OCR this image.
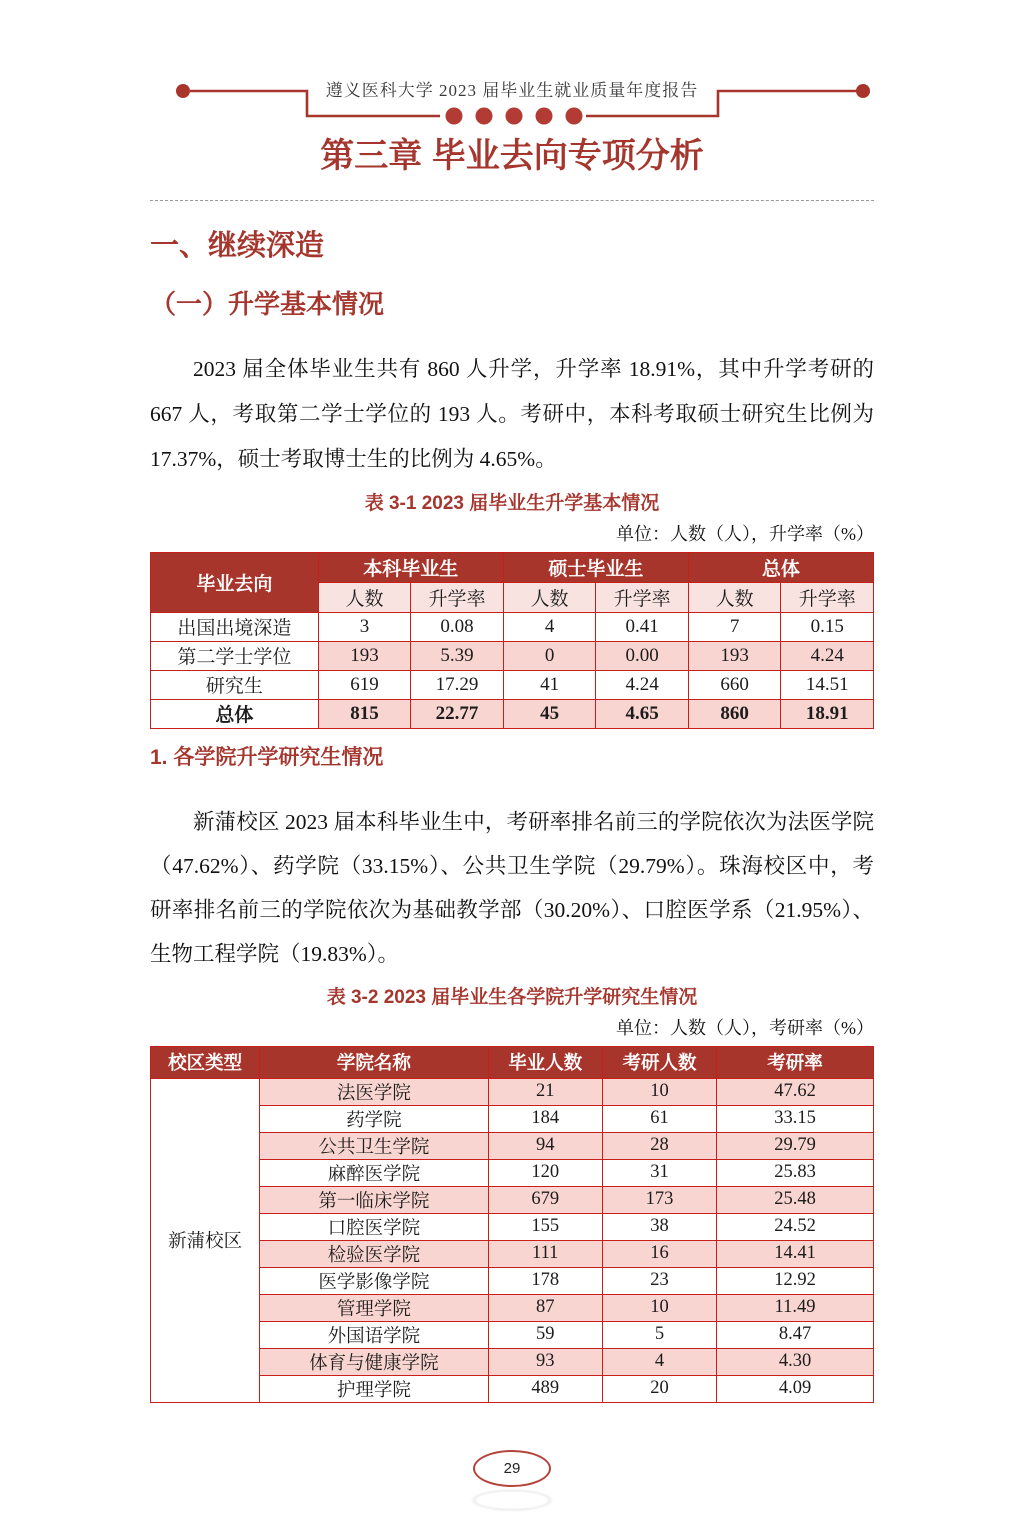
遵义医科大学 2023 届毕业生就业质量年度报告
第三章 毕业去向专项分析
一、继续深造
（一）升学基本情况

2023 届全体毕业生共有 860 人升学，升学率 18.91%，其中升学考研的 667 人，考取第二学士学位的 193 人。考研中，本科考取硕士研究生比例为 17.37%，硕士考取博士生的比例为 4.65%。

表 3-1 2023 届毕业生升学基本情况
单位：人数（人），升学率（%）
毕业去向	本科毕业生		硕士毕业生		总体	
	人数	升学率	人数	升学率	人数	升学率
出国出境深造	3	0.08	4	0.41	7	0.15
第二学士学位	193	5.39	0	0.00	193	4.24
研究生	619	17.29	41	4.24	660	14.51
总体	815	22.77	45	4.65	860	18.91
1. 各学院升学研究生情况

新蒲校区 2023 届本科毕业生中，考研率排名前三的学院依次为法医学院（47.62%）、药学院（33.15%）、公共卫生学院（29.79%）。珠海校区中，考研率排名前三的学院依次为基础教学部（30.20%）、口腔医学系（21.95%）、生物工程学院（19.83%）。

表 3-2 2023 届毕业生各学院升学研究生情况
单位：人数（人），考研率（%）
校区类型	学院名称	毕业人数	考研人数	考研率
新蒲校区	法医学院	21	10	47.62
	药学院	184	61	33.15
	公共卫生学院	94	28	29.79
	麻醉医学院	120	31	25.83
	第一临床学院	679	173	25.48
	口腔医学院	155	38	24.52
	检验医学院	111	16	14.41
	医学影像学院	178	23	12.92
	管理学院	87	10	11.49
	外国语学院	59	5	8.47
	体育与健康学院	93	4	4.30
	护理学院	489	20	4.09
29
